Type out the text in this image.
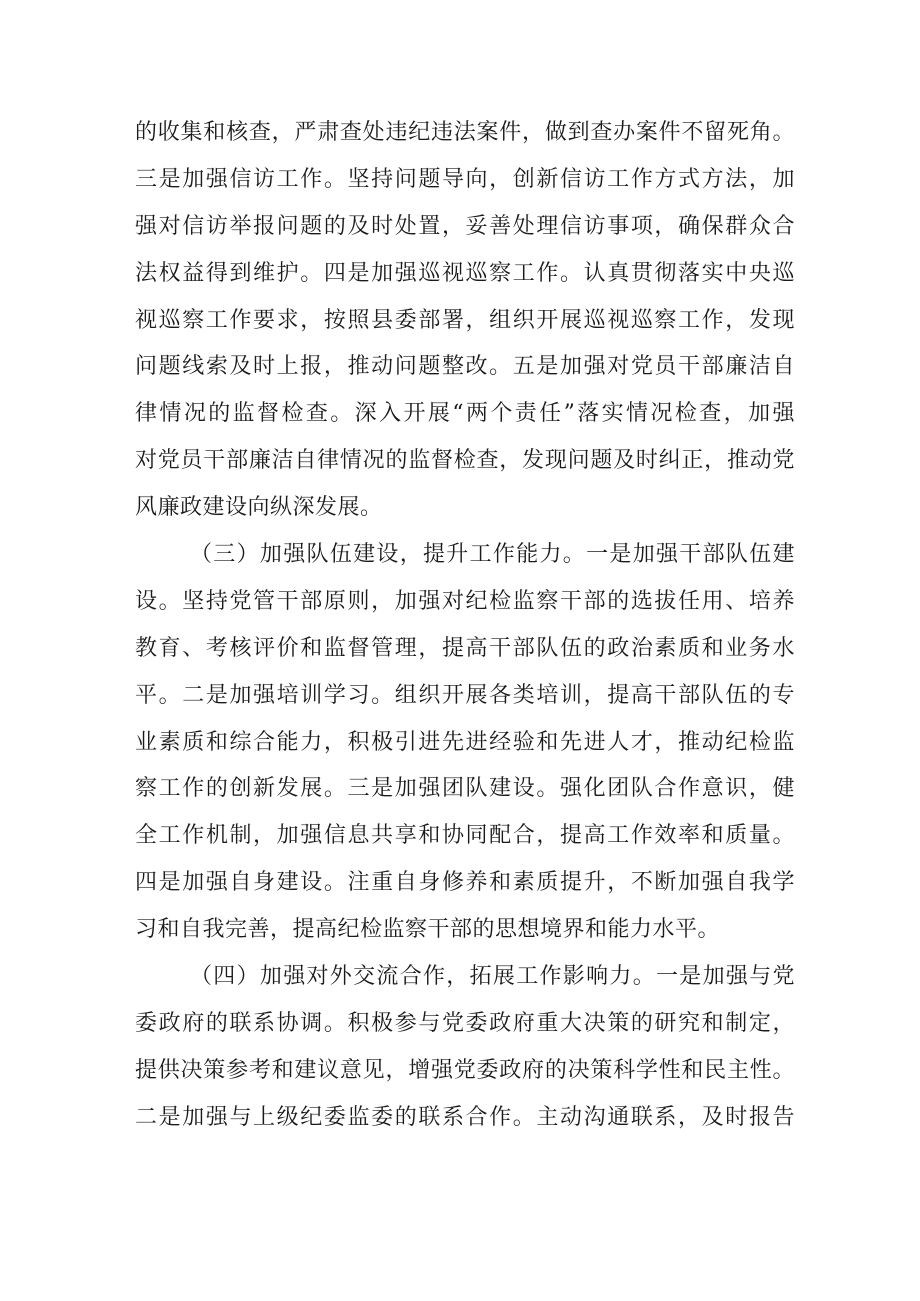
的收集和核查，严肃查处违纪违法案件，做到查办案件不留死角。
三是加强信访工作。坚持问题导向，创新信访工作方式方法，加
强对信访举报问题的及时处置，妥善处理信访事项，确保群众合
法权益得到维护。四是加强巡视巡察工作。认真贯彻落实中央巡
视巡察工作要求，按照县委部署，组织开展巡视巡察工作，发现
问题线索及时上报，推动问题整改。五是加强对党员干部廉洁自
律情况的监督检查。深入开展“两个责任”落实情况检查，加强
对党员干部廉洁自律情况的监督检查，发现问题及时纠正，推动党
风廉政建设向纵深发展。
（三）加强队伍建设，提升工作能力。一是加强干部队伍建
设。坚持党管干部原则，加强对纪检监察干部的选拔任用、培养
教育、考核评价和监督管理，提高干部队伍的政治素质和业务水
平。二是加强培训学习。组织开展各类培训，提高干部队伍的专
业素质和综合能力，积极引进先进经验和先进人才，推动纪检监
察工作的创新发展。三是加强团队建设。强化团队合作意识，健
全工作机制，加强信息共享和协同配合，提高工作效率和质量。
四是加强自身建设。注重自身修养和素质提升，不断加强自我学
习和自我完善，提高纪检监察干部的思想境界和能力水平。
（四）加强对外交流合作，拓展工作影响力。一是加强与党
委政府的联系协调。积极参与党委政府重大决策的研究和制定，
提供决策参考和建议意见，增强党委政府的决策科学性和民主性。
二是加强与上级纪委监委的联系合作。主动沟通联系，及时报告
